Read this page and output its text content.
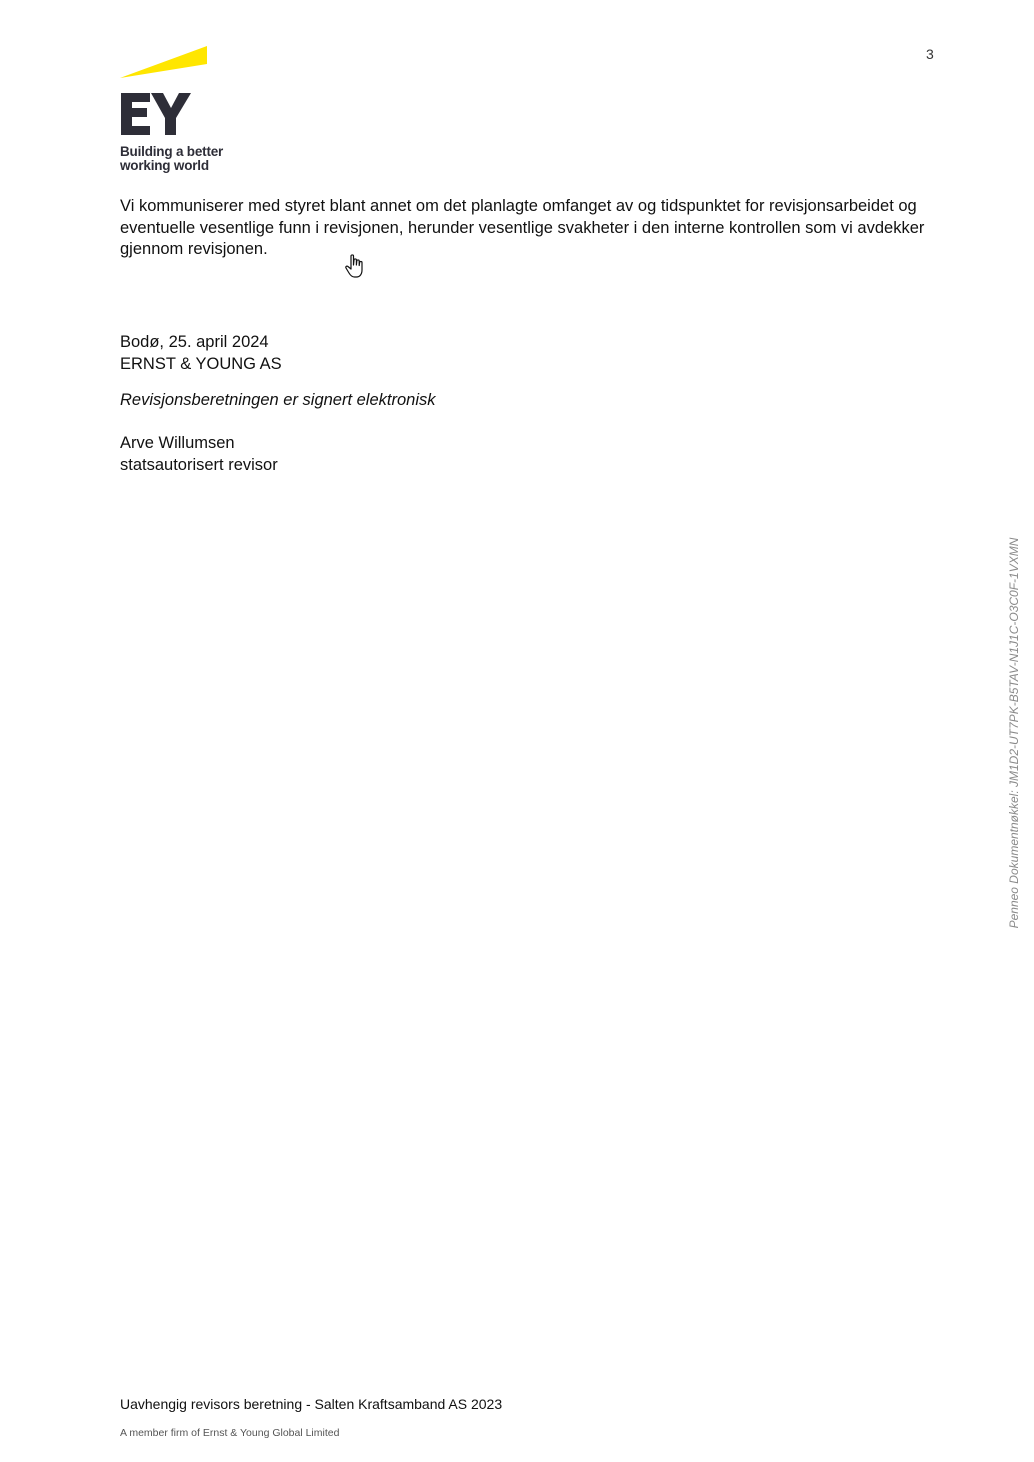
3
Building a better
working world

Vi kommuniserer med styret blant annet om det planlagte omfanget av og tidspunktet for revisjonsarbeidet og eventuelle vesentlige funn i revisjonen, herunder vesentlige svakheter i den interne kontrollen som vi avdekker gjennom revisjonen.

Bodø, 25. april 2024

ERNST & YOUNG AS

Revisjonsberetningen er signert elektronisk

Arve Willumsen

statsautorisert revisor

Penneo Dokumentnøkkel: JM1D2-UT7PK-B5TAV-N1J1C-O3C0F-1VXMN
Uavhengig revisors beretning - Salten Kraftsamband AS 2023
A member firm of Ernst & Young Global Limited
